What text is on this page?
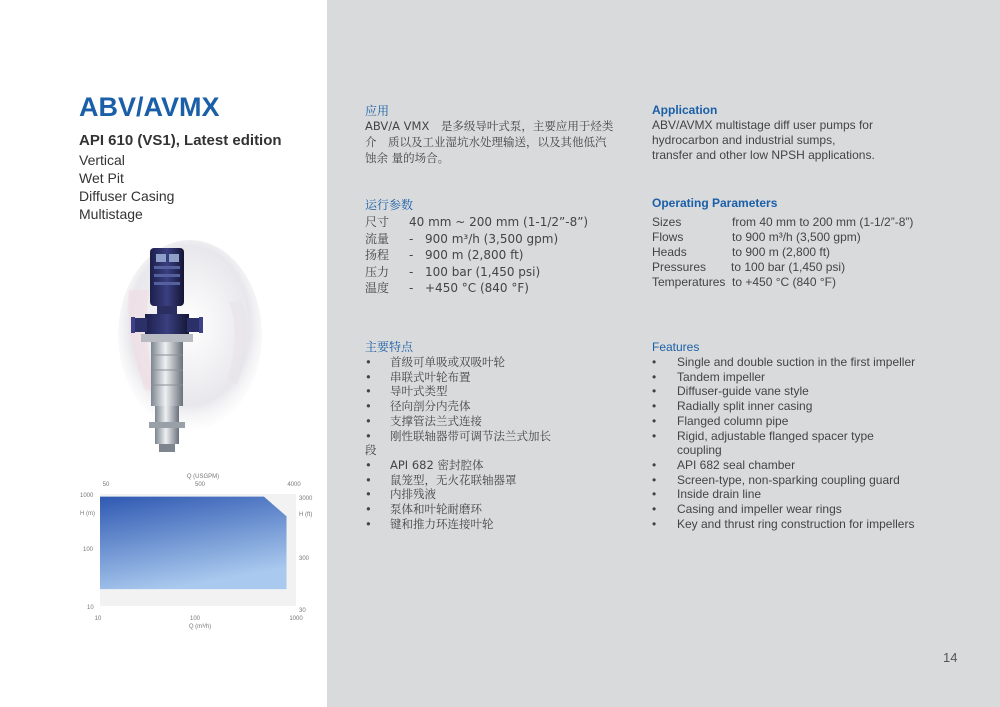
ABV/AVMX
API 610 (VS1), Latest edition
Vertical
Wet Pit
Diffuser Casing
Multistage
Q (USGPM)
50	500	4000
1000
H (m)
100
10
3000
H (ft)
300
30
10	100	1000
Q (m³/h)
应用
ABV/A VMX　是多级导叶式泵，主要应用于烃类
介　质以及工业湿坑水处理输送，以及其他低汽
蚀余 量的场合。
运行参数
尺寸	40 mm ~ 200 mm (1-1/2”-8”)
流量	- 900 m³/h (3,500 gpm)
扬程	- 900 m (2,800 ft)
压力	- 100 bar (1,450 psi)
温度	- +450 °C (840 °F)
主要特点
• 首级可单吸或双吸叶轮
• 串联式叶轮布置
• 导叶式类型
• 径向剖分内壳体
• 支撑管法兰式连接
• 刚性联轴器带可调节法兰式加长
段
• API 682 密封腔体
• 鼠笼型，无火花联轴器罩
• 内排残液
• 泵体和叶轮耐磨环
• 键和推力环连接叶轮
Application
ABV/AVMX multistage diff user pumps for
hydrocarbon and industrial sumps,
transfer and other low NPSH applications.
Operating Parameters
Sizes	from 40 mm to 200 mm (1-1/2”-8”)
Flows	to 900 m³/h (3,500 gpm)
Heads	to 900 m (2,800 ft)
Pressures	to 100 bar (1,450 psi)
Temperatures to +450 °C (840 °F)
Features
• Single and double suction in the first impeller
• Tandem impeller
• Diffuser-guide vane style
• Radially split inner casing
• Flanged column pipe
• Rigid, adjustable flanged spacer type
coupling
• API 682 seal chamber
• Screen-type, non-sparking coupling guard
• Inside drain line
• Casing and impeller wear rings
• Key and thrust ring construction for impellers
14
